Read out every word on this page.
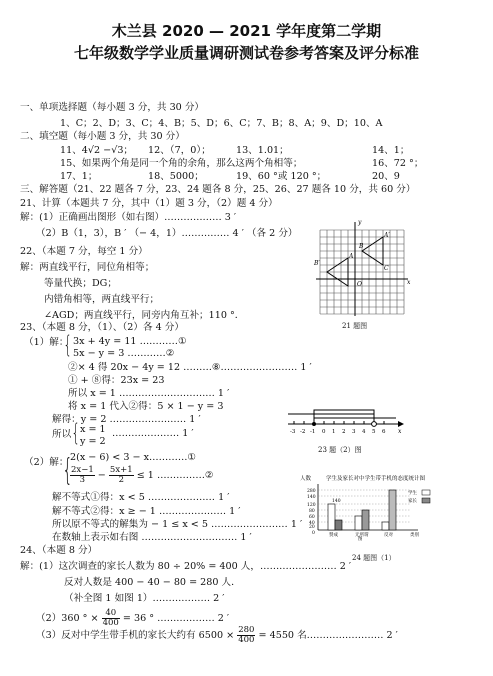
木兰县 2020 — 2021 学年度第二学期
七年级数学学业质量调研测试卷参考答案及评分标准
一、单项选择题（每小题 3 分，共 30 分）
1、C；2、D；3、C；4、B；5、D；6、C；7、B；8、A；9、D；10、A
二、填空题（每小题 3 分，共 30 分）
11、4√2 −√3； 12、（7，0）；	13、1.01；	14、1；
15、如果两个角是同一个角的余角，那么这两个角相等；	16、72 °；
17、1；	18、5000；	19、60 °或 120 °；	20、9
三、解答题（21、22 题各 7 分，23、24 题各 8 分，25、26、27 题各 10 分，共 60 分）
21、计算（本题共 7 分，其中（1）题 3 分，（2）题 4 分）
解：(1）正确画出图形（如右图）……………… 3 ′
（2）B（1，3），B ′ （− 4，1）…………… 4 ′ （各 2 分）
22、（本题 7 分，每空 1 分）
解：两直线平行，同位角相等；
等量代换；DG；
内错角相等，两直线平行；
∠AGD；两直线平行，同旁内角互补；110 °．
23、（本题 8 分，（1）、（2）各 4 分）
（1）解：
{ 3x + 4y = 11 …………①
5x − y = 3 …………②
②× 4 得 20x − 4y = 12 ………⑧…………………… 1 ′
① + ⑧得：23x = 23
所以 x = 1 ………………………… 1 ′
将 x = 1 代入②得：5 × 1 − y = 3
解得：y = 2 …………………… 1 ′
所以 { x = 1
y = 2
………………… 1 ′
（2）解：
{
2(x − 6) < 3 − x…………①
$\frac{2x-1}{3} - \frac{5x+1}{2} \le 1$ ……………②
解不等式①得：x < 5 ………………… 1 ′
解不等式②得：x ≥ − 1 ………………… 1 ′
所以原不等式的解集为 − 1 ≤ x < 5 …………………… 1 ′
在数轴上表示如右图 ………………………… 1 ′
24、（本题 8 分）
解：(1）这次调查的家长人数为 80 ÷ 20% = 400 人，…………………… 2 ′
反对人数是 400 − 40 − 80 = 280 人．
（补全图 1 如图 1）……………… 2 ′
（2）360 ° × $\frac{40}{400} = 36$ ° ……………… 2 ′
（3）反对中学生带手机的家长大约有 $6500 \times \frac{280}{400} = 4550$ 名…………………… 2 ′
y
x
O
B′
A
B
A′
C
21 题图
-3 -2 -1 0 1 2 3 4 5 6 x
23 题（2）图
人数	学生及家长对中学生带手机的态度统计图
280
140
120
80
60
40
20
0
140
学生
家长
赞成	无所谓	反对	类别
图
24 题图（1）
